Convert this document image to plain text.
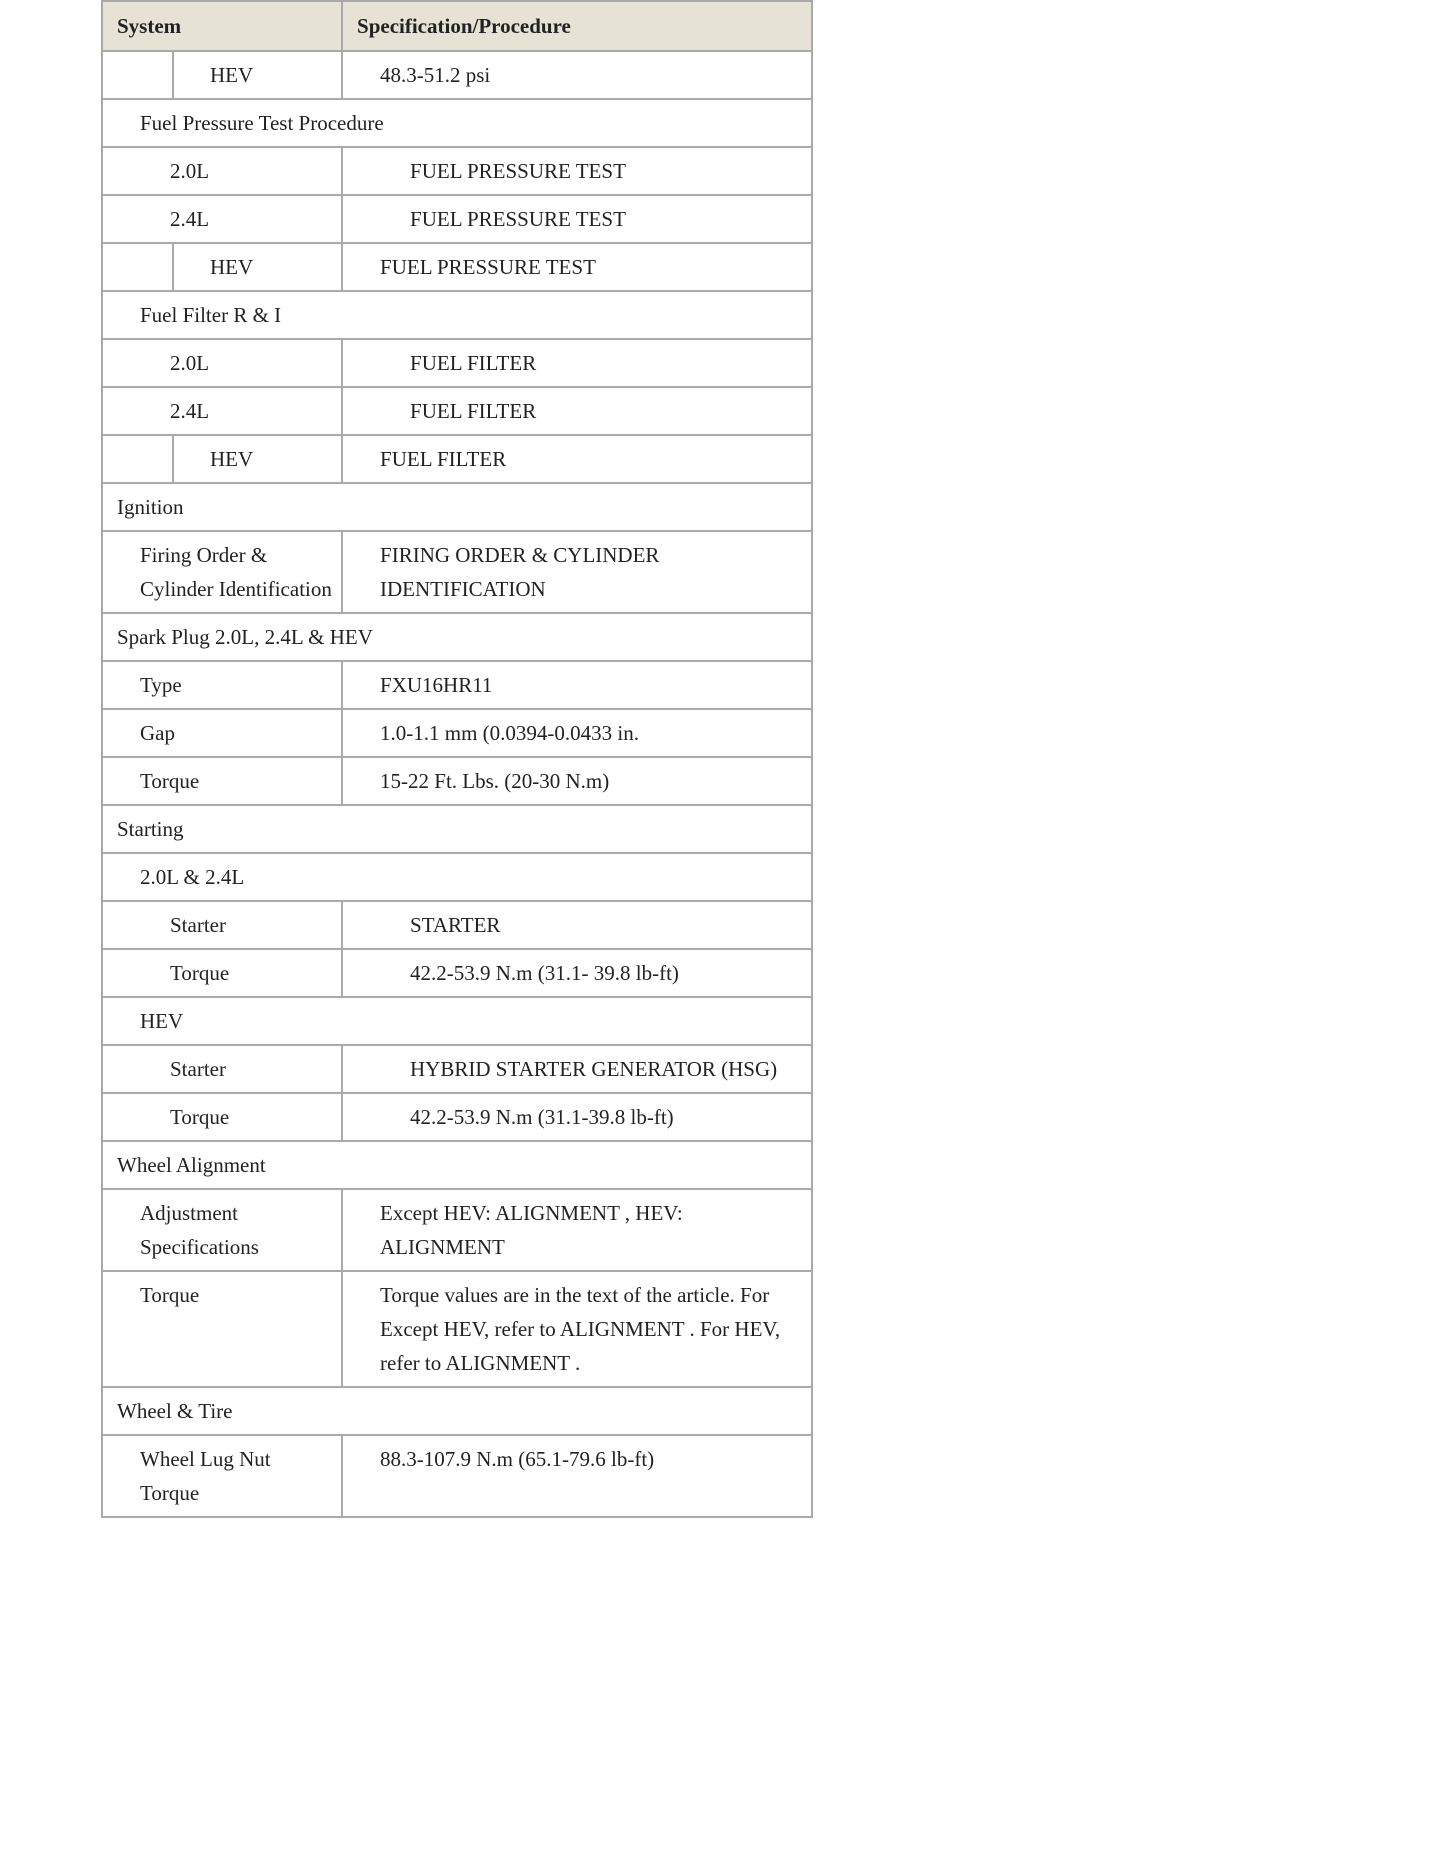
System		Specification/Procedure
	HEV	48.3-51.2 psi
Fuel Pressure Test Procedure		
2.0L		FUEL PRESSURE TEST
2.4L		FUEL PRESSURE TEST
	HEV	FUEL PRESSURE TEST
Fuel Filter R & I		
2.0L		FUEL FILTER
2.4L		FUEL FILTER
	HEV	FUEL FILTER
Ignition		
Firing Order & Cylinder Identification		FIRING ORDER & CYLINDER IDENTIFICATION
Spark Plug 2.0L, 2.4L & HEV		
Type		FXU16HR11
Gap		1.0-1.1 mm (0.0394-0.0433 in.
Torque		15-22 Ft. Lbs. (20-30 N.m)
Starting		
2.0L & 2.4L		
Starter		STARTER
Torque		42.2-53.9 N.m (31.1- 39.8 lb-ft)
HEV		
Starter		HYBRID STARTER GENERATOR (HSG)
Torque		42.2-53.9 N.m (31.1-39.8 lb-ft)
Wheel Alignment		
Adjustment Specifications		Except HEV: ALIGNMENT , HEV: ALIGNMENT
Torque		Torque values are in the text of the article. For Except HEV, refer to ALIGNMENT . For HEV, refer to ALIGNMENT .
Wheel & Tire		
Wheel Lug Nut Torque		88.3-107.9 N.m (65.1-79.6 lb-ft)
